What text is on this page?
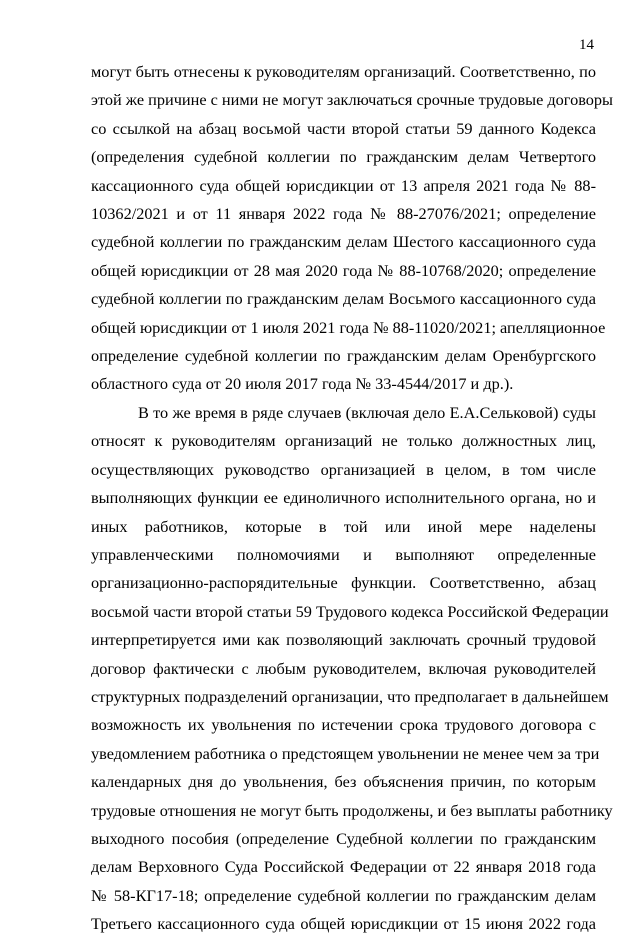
14

могут быть отнесены к руководителям организаций. Соответственно, по
этой же причине с ними не могут заключаться срочные трудовые договоры
со ссылкой на абзац восьмой части второй статьи 59 данного Кодекса
(определения судебной коллегии по гражданским делам Четвертого
кассационного суда общей юрисдикции от 13 апреля 2021 года № 88-
10362/2021 и от 11 января 2022 года № 88-27076/2021; определение
судебной коллегии по гражданским делам Шестого кассационного суда
общей юрисдикции от 28 мая 2020 года № 88-10768/2020; определение
судебной коллегии по гражданским делам Восьмого кассационного суда
общей юрисдикции от 1 июля 2021 года № 88-11020/2021; апелляционное
определение судебной коллегии по гражданским делам Оренбургского
областного суда от 20 июля 2017 года № 33-4544/2017 и др.).

В то же время в ряде случаев (включая дело Е.А.Сельковой) суды
относят к руководителям организаций не только должностных лиц,
осуществляющих руководство организацией в целом, в том числе
выполняющих функции ее единоличного исполнительного органа, но и
иных работников, которые в той или иной мере наделены
управленческими полномочиями и выполняют определенные
организационно-распорядительные функции. Соответственно, абзац
восьмой части второй статьи 59 Трудового кодекса Российской Федерации
интерпретируется ими как позволяющий заключать срочный трудовой
договор фактически с любым руководителем, включая руководителей
структурных подразделений организации, что предполагает в дальнейшем
возможность их увольнения по истечении срока трудового договора с
уведомлением работника о предстоящем увольнении не менее чем за три
календарных дня до увольнения, без объяснения причин, по которым
трудовые отношения не могут быть продолжены, и без выплаты работнику
выходного пособия (определение Судебной коллегии по гражданским
делам Верховного Суда Российской Федерации от 22 января 2018 года
№ 58-КГ17-18; определение судебной коллегии по гражданским делам
Третьего кассационного суда общей юрисдикции от 15 июня 2022 года
